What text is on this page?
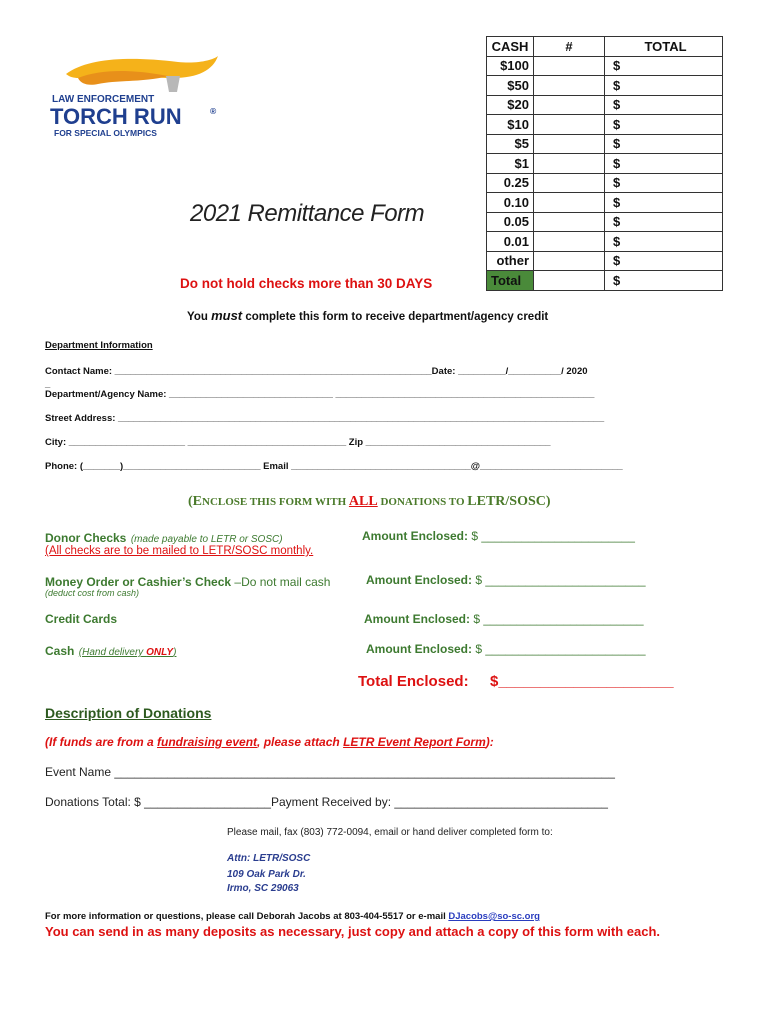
LAW ENFORCEMENT
TORCH RUN	®
FOR SPECIAL OLYMPICS
CASH	#	TOTAL
$100		$
$50		$
$20		$
$10		$
$5		$
$1		$
0.25		$
0.10		$
0.05		$
0.01		$
other		$
Total		$
2021 Remittance Form
Do not hold checks more than 30 DAYS
You must complete this form to receive department/agency credit
Department Information
Contact Name: ____________________________________________________________Date: _________/__________/ 2020
_
Department/Agency Name: _______________________________ _________________________________________________
Street Address: ____________________________________________________________________________________________
City: ______________________ ______________________________ Zip ___________________________________
Phone: (_______)__________________________ Email __________________________________@___________________________
(ENCLOSE THIS FORM WITH ALL DONATIONS TO LETR/SOSC)
Donor Checks (made payable to LETR or SOSC)
(All checks are to be mailed to LETR/SOSC monthly.
Amount Enclosed: $ _______________________
Money Order or Cashier’s Check –Do not mail cash
(deduct cost from cash)
Amount Enclosed: $ ________________________
Credit Cards	Amount Enclosed: $ ________________________
Cash (Hand delivery ONLY)	Amount Enclosed: $ ________________________
Total Enclosed: $_____________________
Description of Donations
(If funds are from a fundraising event, please attach LETR Event Report Form):
Event Name ___________________________________________________________________________
Donations Total: $ ___________________Payment Received by: ________________________________
Please mail, fax (803) 772-0094, email or hand deliver completed form to:
Attn: LETR/SOSC
109 Oak Park Dr.
Irmo, SC 29063
For more information or questions, please call Deborah Jacobs at 803-404-5517 or e-mail DJacobs@so-sc.org
You can send in as many deposits as necessary, just copy and attach a copy of this form with each.
